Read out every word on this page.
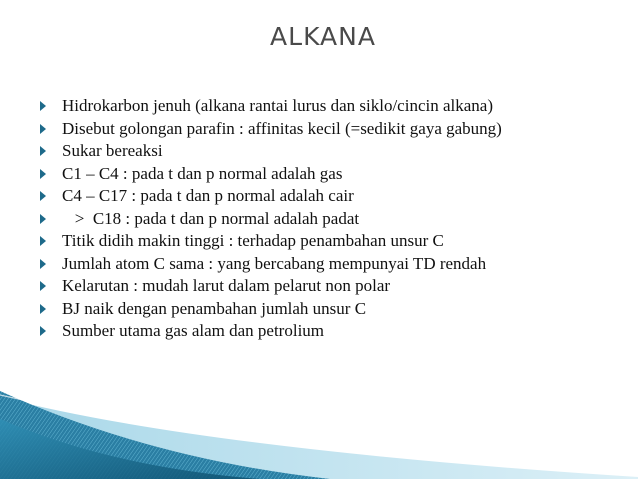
ALKANA
Hidrokarbon jenuh (alkana rantai lurus dan siklo/cincin alkana)
Disebut golongan parafin : affinitas kecil (=sedikit gaya gabung)
Sukar bereaksi
C1 – C4 : pada t dan p normal adalah gas
C4 – C17 : pada t dan p normal adalah cair
>  C18 : pada t dan p normal adalah padat
Titik didih makin tinggi : terhadap penambahan unsur C
Jumlah atom C sama : yang bercabang mempunyai TD rendah
Kelarutan : mudah larut dalam pelarut non polar
BJ naik dengan penambahan jumlah unsur C
Sumber utama gas alam dan petrolium
